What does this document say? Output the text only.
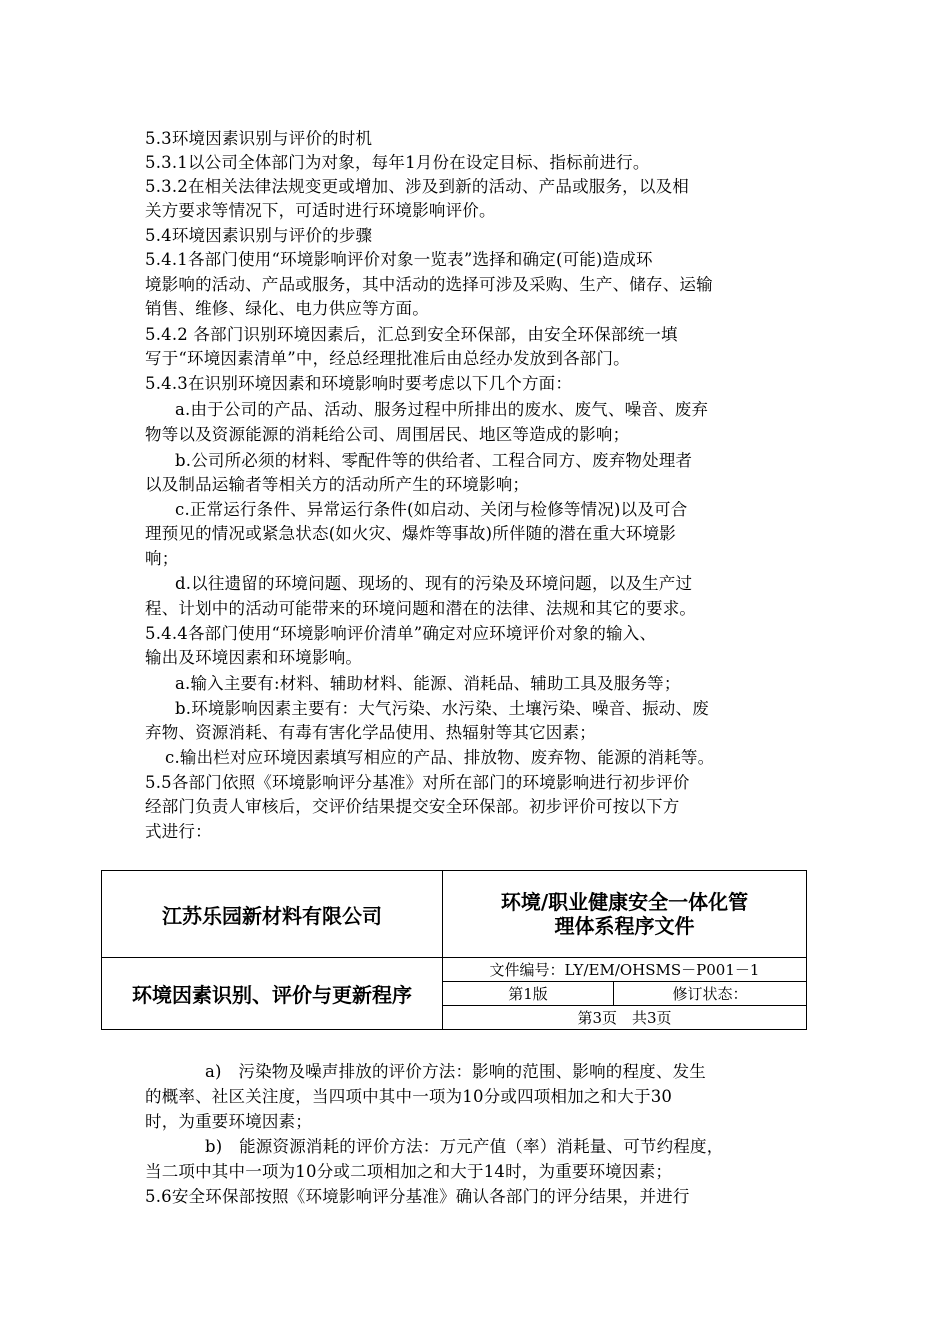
5.3环境因素识别与评价的时机
5.3.1以公司全体部门为对象，每年1月份在设定目标、指标前进行。
5.3.2在相关法律法规变更或增加、涉及到新的活动、产品或服务，以及相
关方要求等情况下，可适时进行环境影响评价。
5.4环境因素识别与评价的步骤
5.4.1各部门使用“环境影响评价对象一览表”选择和确定(可能)造成环
境影响的活动、产品或服务，其中活动的选择可涉及采购、生产、储存、运输
销售、维修、绿化、电力供应等方面。
5.4.2 各部门识别环境因素后，汇总到安全环保部，由安全环保部统一填
写于“环境因素清单”中，经总经理批准后由总经办发放到各部门。
5.4.3在识别环境因素和环境影响时要考虑以下几个方面：
a.由于公司的产品、活动、服务过程中所排出的废水、废气、噪音、废弃
物等以及资源能源的消耗给公司、周围居民、地区等造成的影响；
b.公司所必须的材料、零配件等的供给者、工程合同方、废弃物处理者
以及制品运输者等相关方的活动所产生的环境影响；
c.正常运行条件、异常运行条件(如启动、关闭与检修等情况)以及可合
理预见的情况或紧急状态(如火灾、爆炸等事故)所伴随的潜在重大环境影
响；
d.以往遗留的环境问题、现场的、现有的污染及环境问题，以及生产过
程、计划中的活动可能带来的环境问题和潜在的法律、法规和其它的要求。
5.4.4各部门使用“环境影响评价清单”确定对应环境评价对象的输入、
输出及环境因素和环境影响。
a.输入主要有:材料、辅助材料、能源、消耗品、辅助工具及服务等；
b.环境影响因素主要有：大气污染、水污染、土壤污染、噪音、振动、废
弃物、资源消耗、有毒有害化学品使用、热辐射等其它因素；
c.输出栏对应环境因素填写相应的产品、排放物、废弃物、能源的消耗等。
5.5各部门依照《环境影响评分基准》对所在部门的环境影响进行初步评价
经部门负责人审核后，交评价结果提交安全环保部。初步评价可按以下方
式进行：
江苏乐园新材料有限公司	环境/职业健康安全一体化管
理体系程序文件	

环境因素识别、评价与更新程序	文件编号：LY/EM/OHSMS－P001－1	
	第1版	修订状态：
	第3页　共3页	
a)　污染物及噪声排放的评价方法：影响的范围、影响的程度、发生
的概率、社区关注度，当四项中其中一项为10分或四项相加之和大于30
时，为重要环境因素；
b)　能源资源消耗的评价方法：万元产值（率）消耗量、可节约程度，
当二项中其中一项为10分或二项相加之和大于14时，为重要环境因素；
5.6安全环保部按照《环境影响评分基准》确认各部门的评分结果，并进行
